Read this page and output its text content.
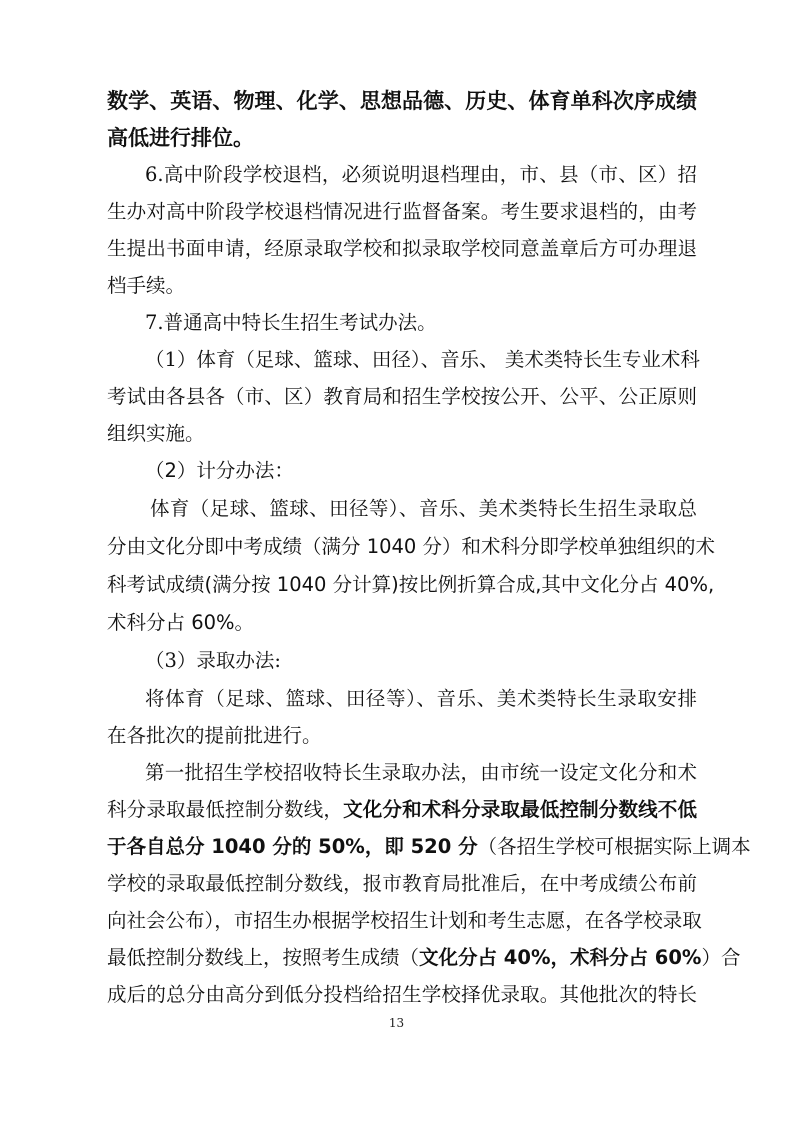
数学、英语、物理、化学、思想品德、历史、体育单科次序成绩
高低进行排位。
6.高中阶段学校退档，必须说明退档理由，市、县（市、区）招
生办对高中阶段学校退档情况进行监督备案。考生要求退档的，由考
生提出书面申请，经原录取学校和拟录取学校同意盖章后方可办理退
档手续。
7.普通高中特长生招生考试办法。
（1）体育（足球、篮球、田径）、音乐、 美术类特长生专业术科
考试由各县各（市、区）教育局和招生学校按公开、公平、公正原则
组织实施。
（2）计分办法：
体育（足球、篮球、田径等）、音乐、美术类特长生招生录取总
分由文化分即中考成绩（满分 1040 分）和术科分即学校单独组织的术
科考试成绩(满分按 1040 分计算)按比例折算合成,其中文化分占 40%,
术科分占 60%。
（3）录取办法:
将体育（足球、篮球、田径等）、音乐、美术类特长生录取安排
在各批次的提前批进行。
第一批招生学校招收特长生录取办法，由市统一设定文化分和术
科分录取最低控制分数线，文化分和术科分录取最低控制分数线不低
于各自总分 1040 分的 50%，即 520 分（各招生学校可根据实际上调本
学校的录取最低控制分数线，报市教育局批准后，在中考成绩公布前
向社会公布），市招生办根据学校招生计划和考生志愿，在各学校录取
最低控制分数线上，按照考生成绩（文化分占 40%，术科分占 60%）合
成后的总分由高分到低分投档给招生学校择优录取。其他批次的特长
13
